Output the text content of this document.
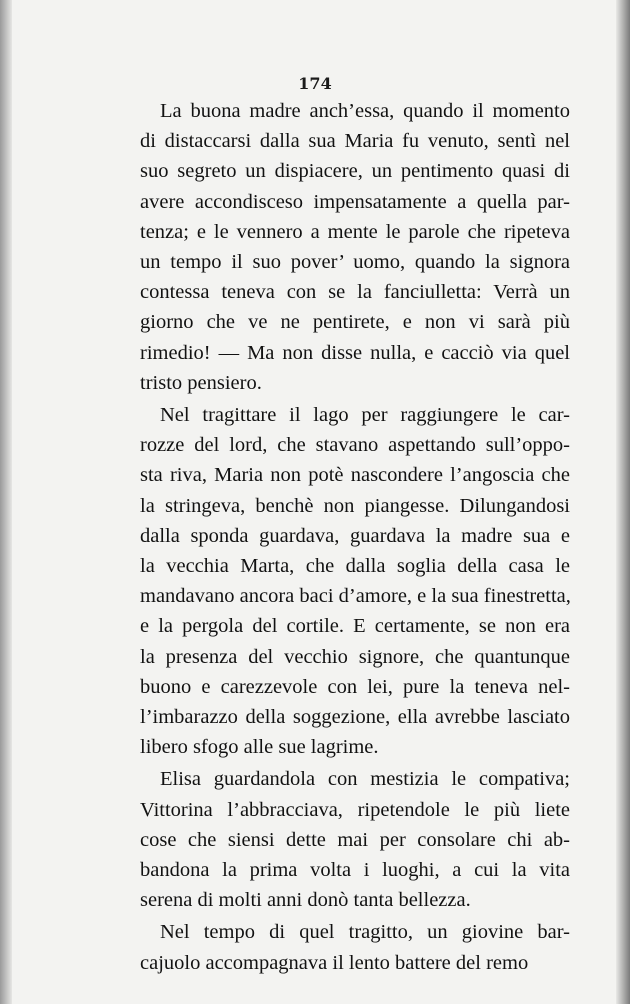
174
La buona madre anch’essa, quando il momento
di distaccarsi dalla sua Maria fu venuto, sentì nel
suo segreto un dispiacere, un pentimento quasi di
avere accondisceso impensatamente a quella par-
tenza; e le vennero a mente le parole che ripeteva
un tempo il suo pover’ uomo, quando la signora
contessa teneva con se la fanciulletta: Verrà un
giorno che ve ne pentirete, e non vi sarà più
rimedio! — Ma non disse nulla, e cacciò via quel
tristo pensiero.
Nel tragittare il lago per raggiungere le car-
rozze del lord, che stavano aspettando sull’oppo-
sta riva, Maria non potè nascondere l’angoscia che
la stringeva, benchè non piangesse. Dilungandosi
dalla sponda guardava, guardava la madre sua e
la vecchia Marta, che dalla soglia della casa le
mandavano ancora baci d’amore, e la sua finestretta,
e la pergola del cortile. E certamente, se non era
la presenza del vecchio signore, che quantunque
buono e carezzevole con lei, pure la teneva nel-
l’imbarazzo della soggezione, ella avrebbe lasciato
libero sfogo alle sue lagrime.
Elisa guardandola con mestizia le compativa;
Vittorina l’abbracciava, ripetendole le più liete
cose che siensi dette mai per consolare chi ab-
bandona la prima volta i luoghi, a cui la vita
serena di molti anni donò tanta bellezza.
Nel tempo di quel tragitto, un giovine bar-
cajuolo accompagnava il lento battere del remo
